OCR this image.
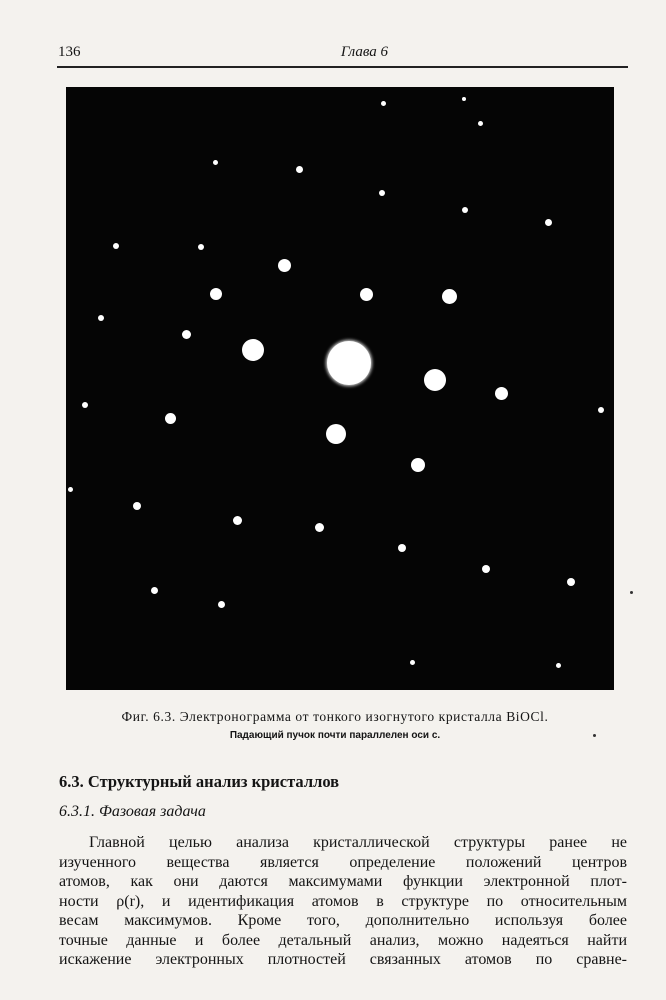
136	Глава 6
Фиг. 6.3. Электронограмма от тонкого изогнутого кристалла BiOCl.
Падающий пучок почти параллелен оси c.
6.3. Структурный анализ кристаллов
6.3.1. Фазовая задача
Главной целью анализа кристаллической структуры ранее не
изученного вещества является определение положений центров
атомов, как они даются максимумами функции электронной плот-
ности ρ(r), и идентификация атомов в структуре по относительным
весам максимумов. Кроме того, дополнительно используя более
точные данные и более детальный анализ, можно надеяться найти
искажение электронных плотностей связанных атомов по сравне-
